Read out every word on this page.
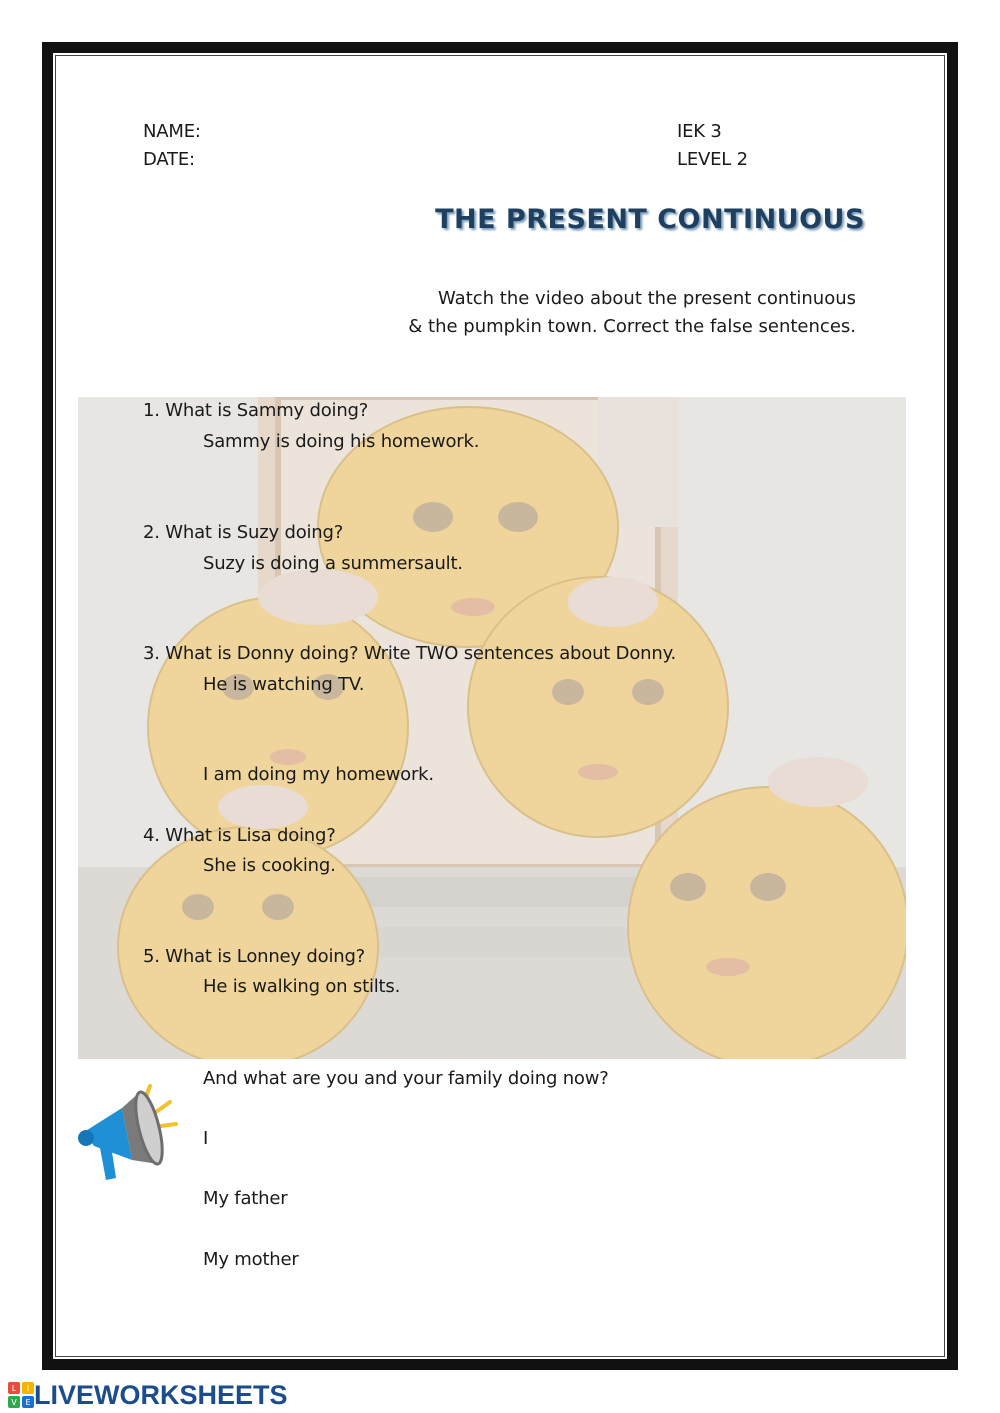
NAME:
DATE:
IEK 3
LEVEL 2
THE PRESENT CONTINUOUS
Watch the video about the present continuous
& the pumpkin town. Correct the false sentences.
1. What is Sammy doing?
Sammy is doing his homework.
2. What is Suzy doing?
Suzy is doing a summersault.
3. What is Donny doing? Write TWO sentences about Donny.
He is watching TV.
I am doing my homework.
4. What is Lisa doing?
She is cooking.
5. What is Lonney doing?
He is walking on stilts.
And what are you and your family doing now?
I
My father
My mother
L I
V E LIVEWORKSHEETS
